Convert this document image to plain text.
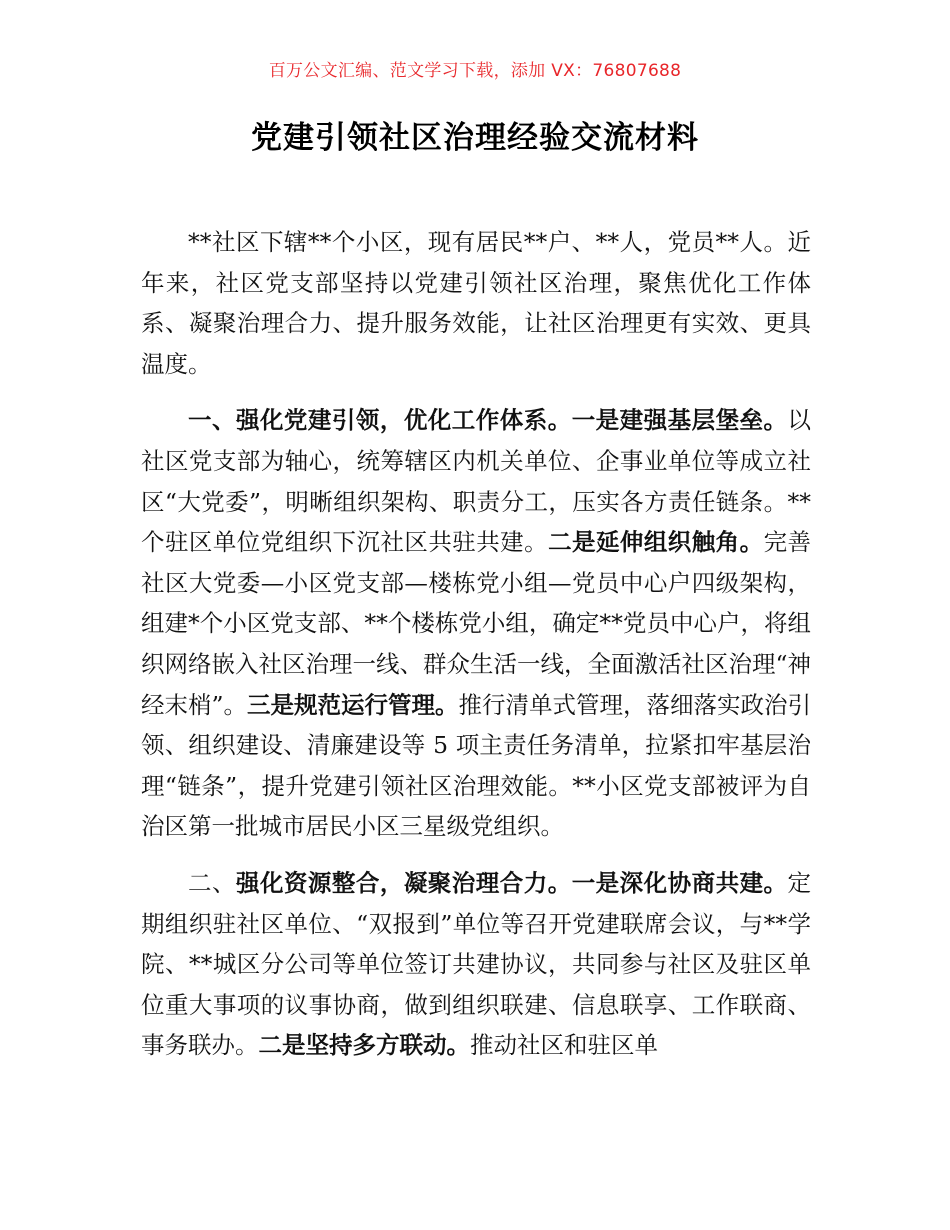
百万公文汇编、范文学习下载，添加 VX：76807688
党建引领社区治理经验交流材料

**社区下辖**个小区，现有居民**户、**人，党员**人。近年来，社区党支部坚持以党建引领社区治理，聚焦优化工作体系、凝聚治理合力、提升服务效能，让社区治理更有实效、更具温度。

一、强化党建引领，优化工作体系。一是建强基层堡垒。以社区党支部为轴心，统筹辖区内机关单位、企事业单位等成立社区“大党委”，明晰组织架构、职责分工，压实各方责任链条。**个驻区单位党组织下沉社区共驻共建。二是延伸组织触角。完善社区大党委—小区党支部—楼栋党小组—党员中心户四级架构，组建*个小区党支部、**个楼栋党小组，确定**党员中心户，将组织网络嵌入社区治理一线、群众生活一线，全面激活社区治理“神经末梢”。三是规范运行管理。推行清单式管理，落细落实政治引领、组织建设、清廉建设等 5 项主责任务清单，拉紧扣牢基层治理“链条”，提升党建引领社区治理效能。**小区党支部被评为自治区第一批城市居民小区三星级党组织。

二、强化资源整合，凝聚治理合力。一是深化协商共建。定期组织驻社区单位、“双报到”单位等召开党建联席会议，与**学院、**城区分公司等单位签订共建协议，共同参与社区及驻区单位重大事项的议事协商，做到组织联建、信息联享、工作联商、事务联办。二是坚持多方联动。推动社区和驻区单
